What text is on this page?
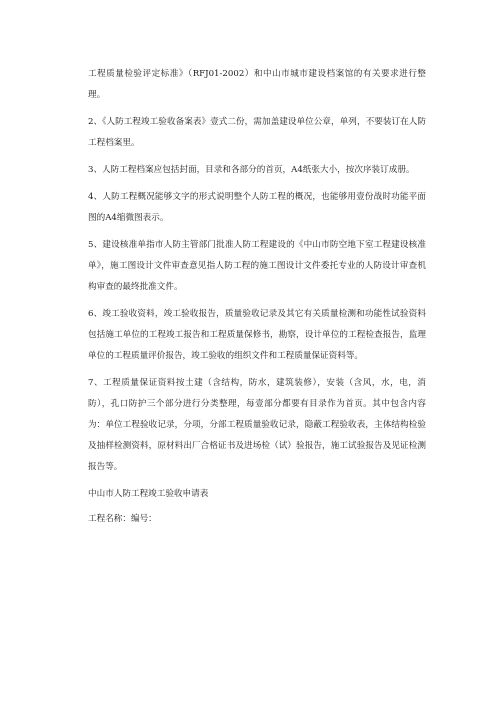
工程质量检验评定标准》（RFJ01-2002）和中山市城市建设档案馆的有关要求进行整理。

2、《人防工程竣工验收备案表》壹式二份，需加盖建设单位公章，单列，不要装订在人防工程档案里。

3、人防工程档案应包括封面，目录和各部分的首页，A4纸张大小，按次序装订成册。

4、人防工程概况能够文字的形式说明整个人防工程的概况，也能够用壹份战时功能平面图的A4缩微图表示。

5、建设核准单指市人防主管部门批准人防工程建设的《中山市防空地下室工程建设核准单》，施工图设计文件审查意见指人防工程的施工图设计文件委托专业的人防设计审查机构审查的最终批准文件。

6、竣工验收资料，竣工验收报告，质量验收记录及其它有关质量检测和功能性试验资料包括施工单位的工程竣工报告和工程质量保修书，勘察，设计单位的工程检查报告，监理单位的工程质量评价报告，竣工验收的组织文件和工程质量保证资料等。

7、工程质量保证资料按土建（含结构，防水，建筑装修），安装（含风，水，电，消防），孔口防护三个部分进行分类整理，每壹部分都要有目录作为首页。其中包含内容为：单位工程验收记录，分项，分部工程质量验收记录，隐蔽工程验收表，主体结构检验及抽样检测资料，原材料出厂合格证书及进场检（试）验报告，施工试验报告及见证检测报告等。

中山市人防工程竣工验收申请表

工程名称：编号：
